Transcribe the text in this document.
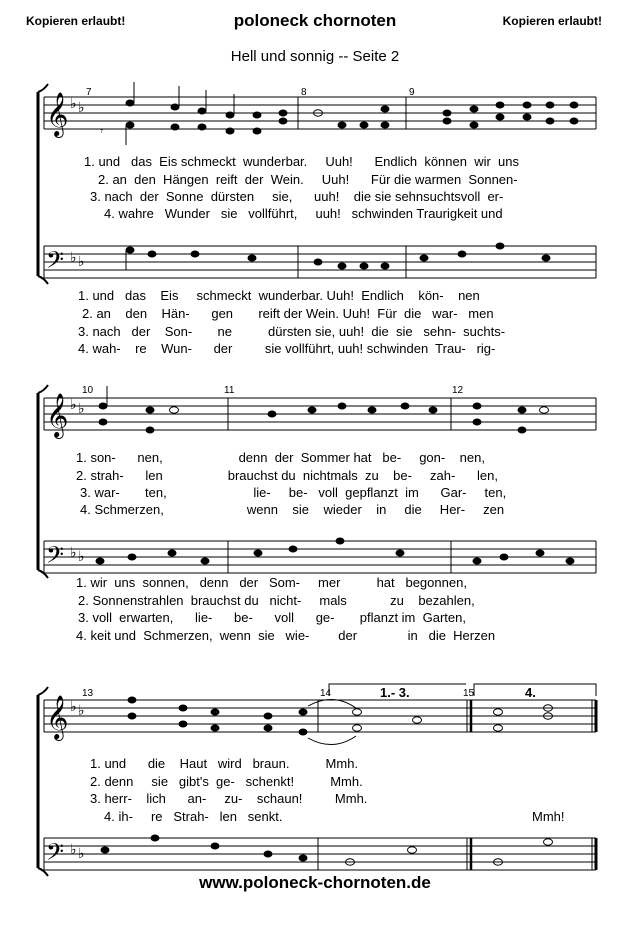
Kopieren erlaubt!	poloneck chornoten	Kopieren erlaubt!
Hell und sonnig -- Seite 2
𝄞 ♭ ♭
7	8	9
𝄾
1. und   das  Eis schmeckt  wunderbar.     Uuh!      Endlich  können  wir  uns
2. an  den  Hängen  reift  der  Wein.     Uuh!      Für die warmen  Sonnen-
3. nach  der  Sonne  dürsten     sie,      uuh!    die sie sehnsuchtsvoll  er-
4. wahre   Wunder   sie   vollführt,     uuh!   schwinden Traurigkeit und
𝄢 ♭ ♭
1. und   das    Eis     schmeckt  wunderbar. Uuh!  Endlich    kön-    nen
2. an    den    Hän-      gen       reift der Wein. Uuh!  Für  die   war-   men
3. nach   der    Son-       ne          dürsten sie, uuh!  die  sie   sehn-  suchts-
4. wah-    re    Wun-      der         sie vollführt, uuh! schwinden  Trau-   rig-
𝄞 ♭ ♭
10	11	12
1. son-      nen,                     denn  der  Sommer hat   be-     gon-    nen,
2. strah-      len                  brauchst du  nichtmals  zu    be-     zah-      len,
3. war-       ten,                        lie-     be-   voll  gepflanzt  im      Gar-     ten,
4. Schmerzen,                       wenn    sie    wieder    in     die     Her-     zen
𝄢 ♭ ♭
1. wir  uns  sonnen,   denn   der   Som-     mer          hat   begonnen,
2. Sonnenstrahlen  brauchst du   nicht-     mals            zu    bezahlen,
3. voll  erwarten,      lie-      be-      voll      ge-       pflanzt im  Garten,
4. keit und  Schmerzen,  wenn  sie   wie-        der              in   die  Herzen
𝄞 ♭ ♭
13	14	15
1.- 3.	4.
1. und      die    Haut   wird   braun.          Mmh.
2. denn     sie   gibt's  ge-   schenkt!          Mmh.
3. herr-    lich      an-     zu-    schaun!         Mmh.
4. ih-     re   Strah-   len   senkt.	Mmh!
𝄢 ♭ ♭
www.poloneck-chornoten.de
